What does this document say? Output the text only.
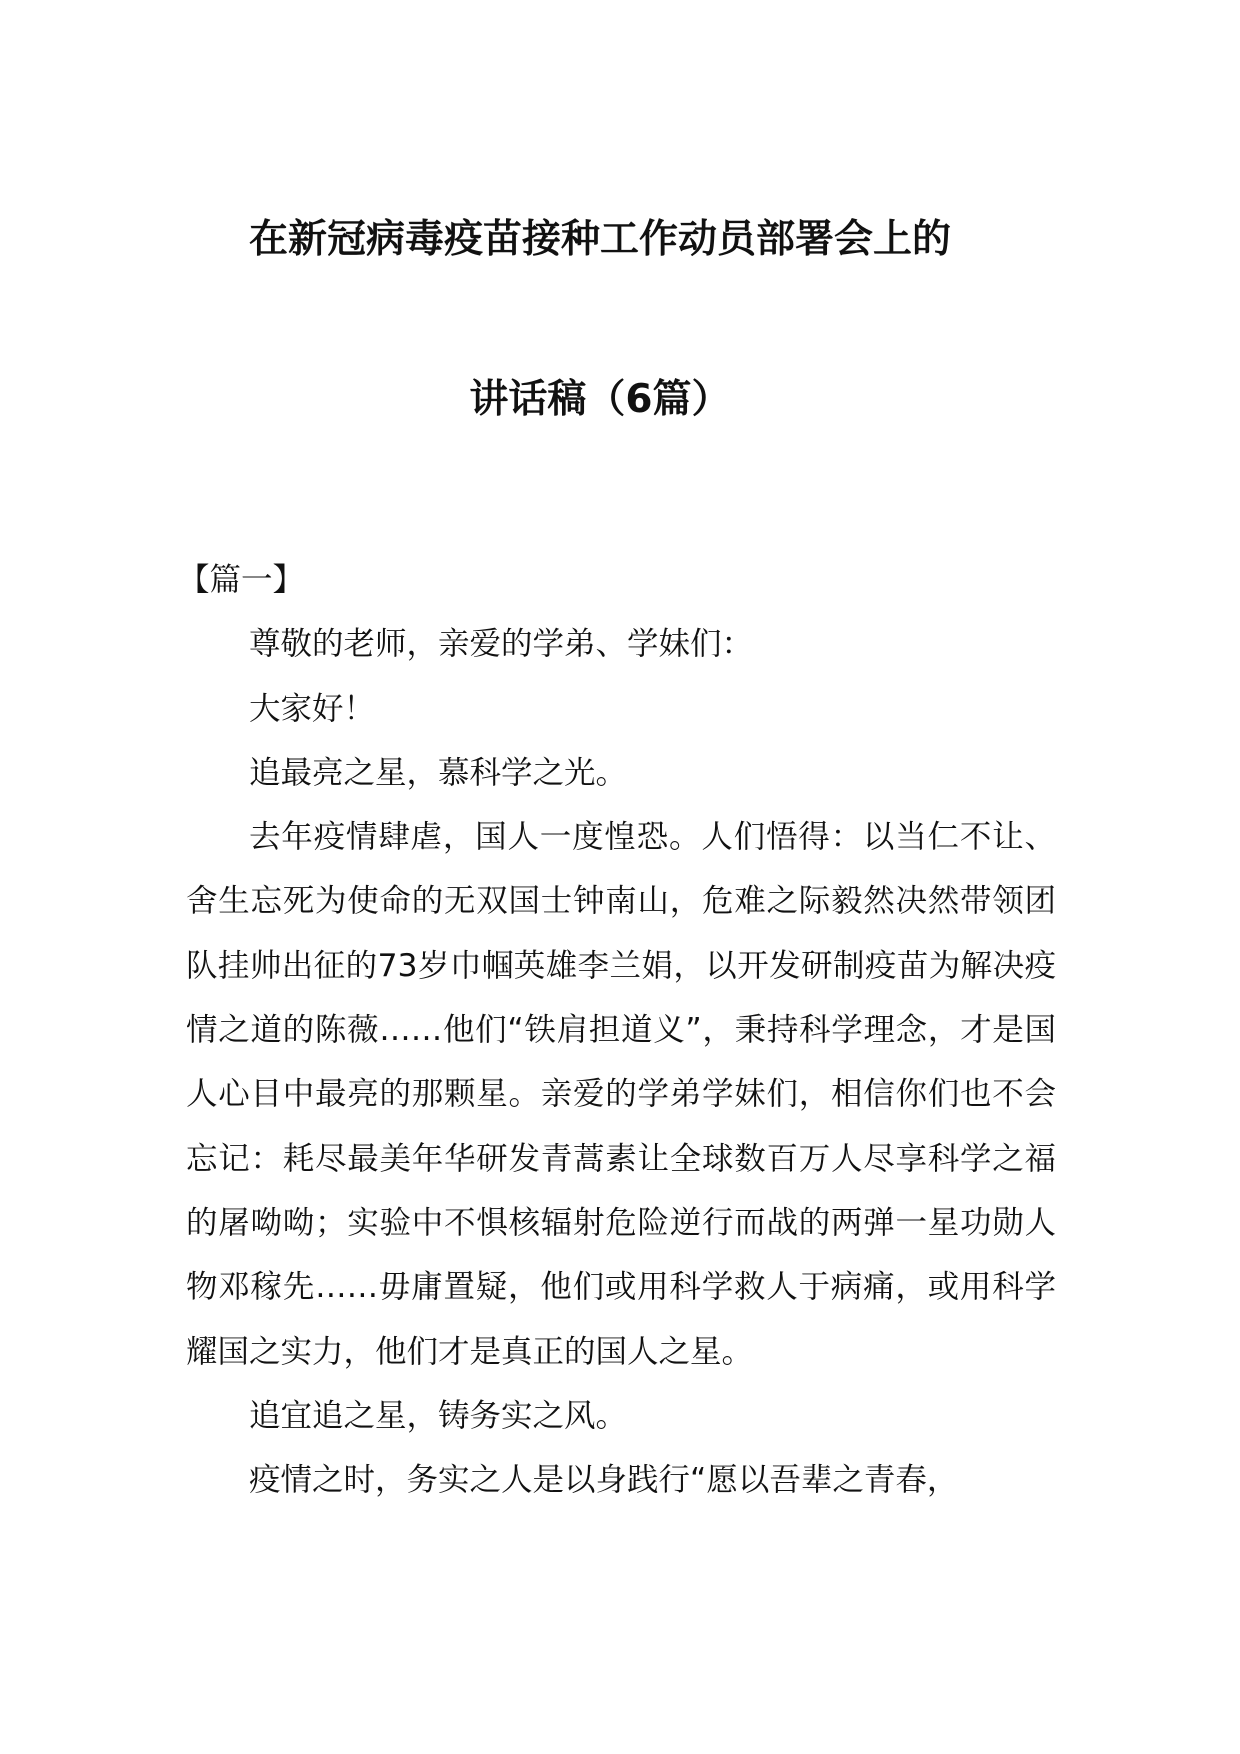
在新冠病毒疫苗接种工作动员部署会上的
讲话稿（6篇）

【篇一】

尊敬的老师，亲爱的学弟、学妹们：

大家好！

追最亮之星，慕科学之光。

去年疫情肆虐，国人一度惶恐。人们悟得：以当仁不让、舍生忘死为使命的无双国士钟南山，危难之际毅然决然带领团队挂帅出征的73岁巾帼英雄李兰娟，以开发研制疫苗为解决疫情之道的陈薇……他们“铁肩担道义”，秉持科学理念，才是国人心目中最亮的那颗星。亲爱的学弟学妹们，相信你们也不会忘记：耗尽最美年华研发青蒿素让全球数百万人尽享科学之福的屠呦呦；实验中不惧核辐射危险逆行而战的两弹一星功勋人物邓稼先……毋庸置疑，他们或用科学救人于病痛，或用科学耀国之实力，他们才是真正的国人之星。

追宜追之星，铸务实之风。

疫情之时，务实之人是以身践行“愿以吾辈之青春，
